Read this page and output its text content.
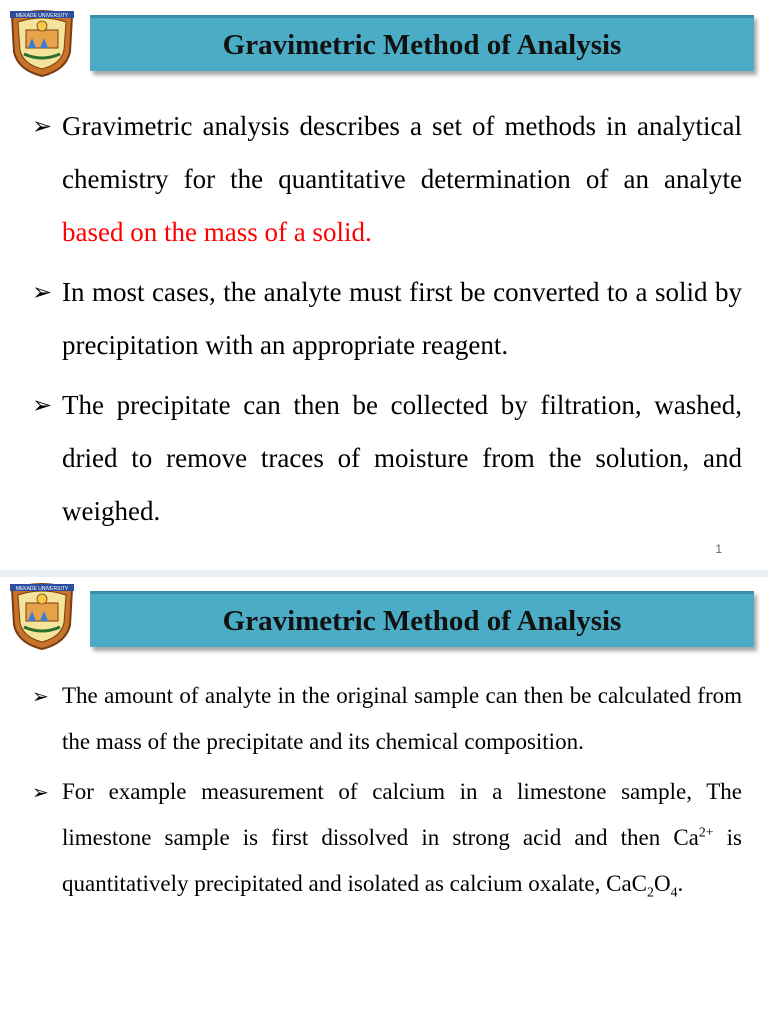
MEKADE UNIVERSITY
Gravimetric Method of Analysis
➢ Gravimetric analysis describes a set of methods in analytical chemistry for the quantitative determination of an analyte based on the mass of a solid.
➢ In most cases, the analyte must first be converted to a solid by precipitation with an appropriate reagent.
➢ The precipitate can then be collected by filtration, washed, dried to remove traces of moisture from the solution, and weighed.
1
MEKADE UNIVERSITY
Gravimetric Method of Analysis
➢ The amount of analyte in the original sample can then be calculated from the mass of the precipitate and its chemical composition.
➢ For example measurement of calcium in a limestone sample, The limestone sample is first dissolved in strong acid and then $Ca^{2+}$ is quantitatively precipitated and isolated as calcium oxalate, $CaC_2O_4$.
